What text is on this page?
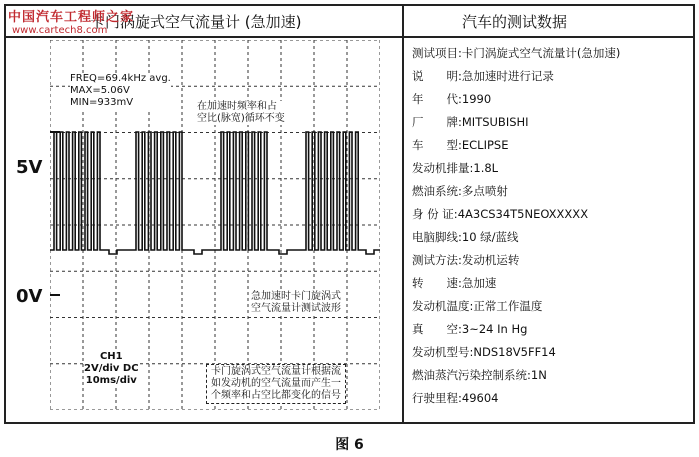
卡门涡旋式空气流量计 (急加速)	汽车的测试数据
中国汽车工程师之家
www.cartech8.com
5V
0V
FREQ=69.4kHz avg.
MAX=5.06V
MIN=933mV	在加速时频率和占
空比(脉宽)循环不变
急加速时卡门旋涡式
空气流量计测试波形
CH1
2V/div DC
10ms/div
卡门旋涡式空气流量计根据流
如发动机的空气流量而产生一
个频率和占空比都变化的信号
测试项目:卡门涡旋式空气流量计(急加速)
说　　明:急加速时进行记录
年　　代:1990
厂　　牌:MITSUBISHI
车　　型:ECLIPSE
发动机排量:1.8L
燃油系统:多点喷射
身 份 证:4A3CS34T5NEOXXXXX
电脑脚线:10 绿/蓝线
测试方法:发动机运转
转　　速:急加速
发动机温度:正常工作温度
真　　空:3~24 In Hg
发动机型号:NDS18V5FF14
燃油蒸汽污染控制系统:1N
行驶里程:49604
图 6
